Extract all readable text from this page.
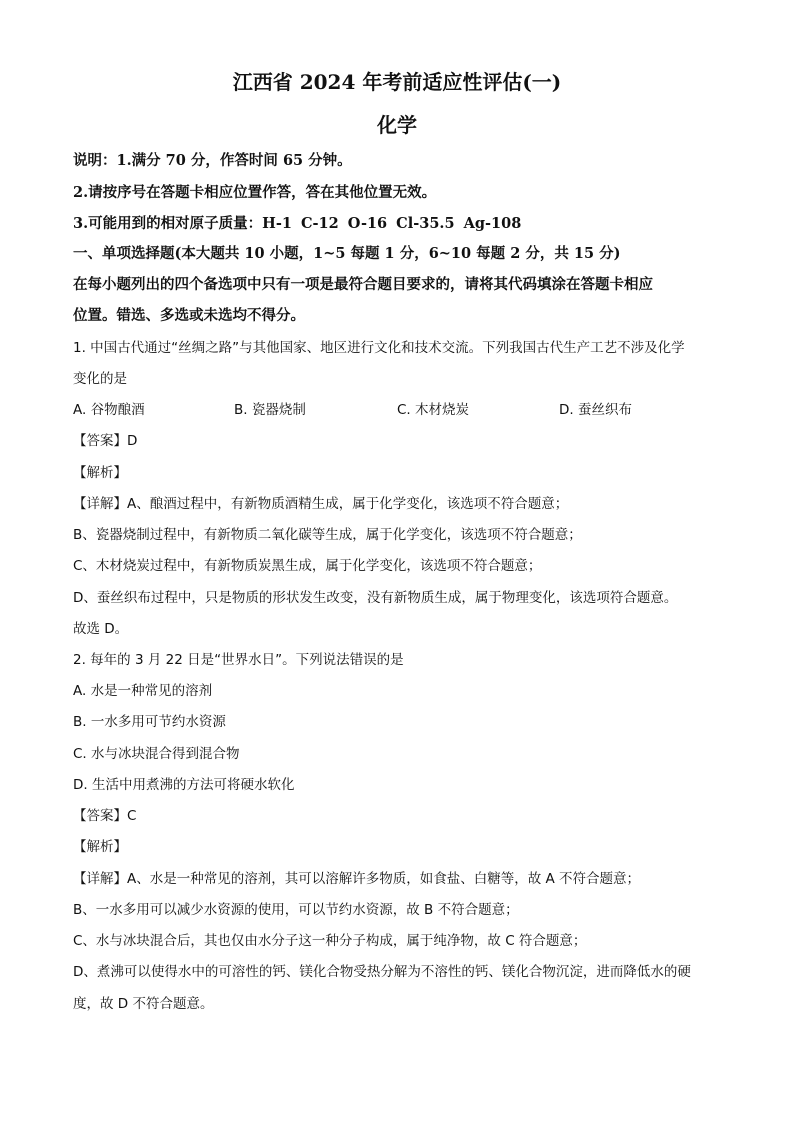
江西省 2024 年考前适应性评估(一)
化学
说明：1.满分 70 分，作答时间 65 分钟。
2.请按序号在答题卡相应位置作答，答在其他位置无效。
3.可能用到的相对原子质量：H-1 C-12 O-16 Cl-35.5 Ag-108
一、单项选择题(本大题共 10 小题，1~5 每题 1 分，6~10 每题 2 分，共 15 分)
在每小题列出的四个备选项中只有一项是最符合题目要求的，请将其代码填涂在答题卡相应
位置。错选、多选或未选均不得分。
1. 中国古代通过“丝绸之路”与其他国家、地区进行文化和技术交流。下列我国古代生产工艺不涉及化学
变化的是
A. 谷物酿酒	B. 瓷器烧制	C. 木材烧炭	D. 蚕丝织布
【答案】D
【解析】
【详解】A、酿酒过程中，有新物质酒精生成，属于化学变化，该选项不符合题意；
B、瓷器烧制过程中，有新物质二氧化碳等生成，属于化学变化，该选项不符合题意；
C、木材烧炭过程中，有新物质炭黑生成，属于化学变化，该选项不符合题意；
D、蚕丝织布过程中，只是物质的形状发生改变，没有新物质生成，属于物理变化，该选项符合题意。
故选 D。
2. 每年的 3 月 22 日是“世界水日”。下列说法错误的是
A. 水是一种常见的溶剂
B. 一水多用可节约水资源
C. 水与冰块混合得到混合物
D. 生活中用煮沸的方法可将硬水软化
【答案】C
【解析】
【详解】A、水是一种常见的溶剂，其可以溶解许多物质，如食盐、白糖等，故 A 不符合题意；
B、一水多用可以减少水资源的使用，可以节约水资源，故 B 不符合题意；
C、水与冰块混合后，其也仅由水分子这一种分子构成，属于纯净物，故 C 符合题意；
D、煮沸可以使得水中的可溶性的钙、镁化合物受热分解为不溶性的钙、镁化合物沉淀，进而降低水的硬
度，故 D 不符合题意。
